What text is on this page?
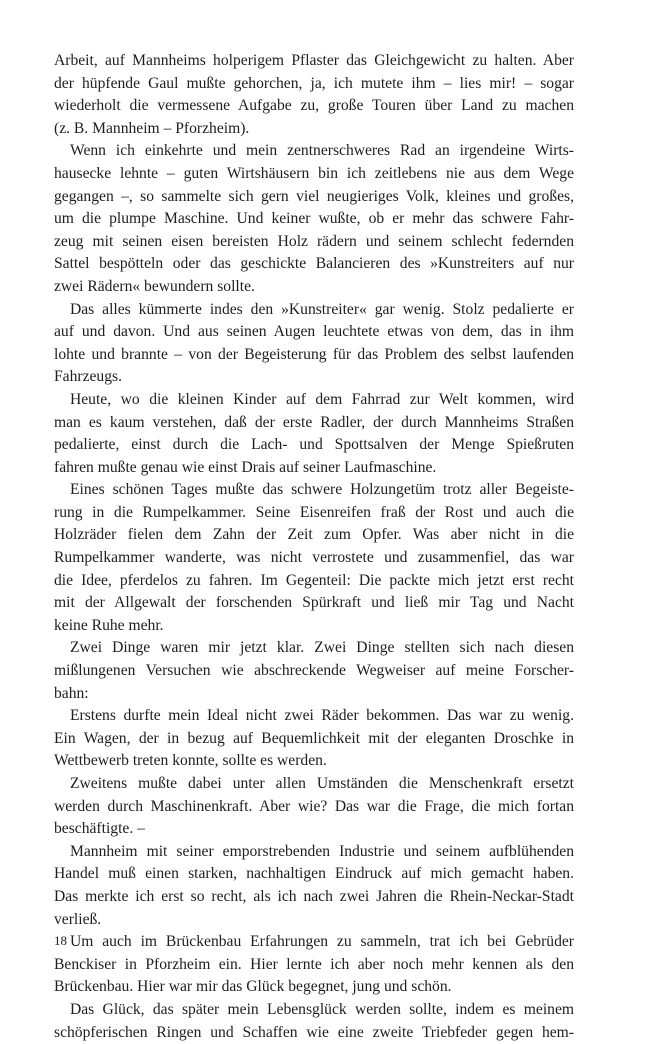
Arbeit, auf Mannheims holperigem Pflaster das Gleichgewicht zu halten. Aber
der hüpfende Gaul mußte gehorchen, ja, ich mutete ihm – lies mir! – sogar
wiederholt die vermessene Aufgabe zu, große Touren über Land zu machen
(z. B. Mannheim – Pforzheim).
Wenn ich einkehrte und mein zentnerschweres Rad an irgendeine Wirts-
hausecke lehnte – guten Wirtshäusern bin ich zeitlebens nie aus dem Wege
gegangen –, so sammelte sich gern viel neugieriges Volk, kleines und großes,
um die plumpe Maschine. Und keiner wußte, ob er mehr das schwere Fahr-
zeug mit seinen eisen bereisten Holz rädern und seinem schlecht federnden
Sattel bespötteln oder das geschickte Balancieren des »Kunstreiters auf nur
zwei Rädern« bewundern sollte.
Das alles kümmerte indes den »Kunstreiter« gar wenig. Stolz pedalierte er
auf und davon. Und aus seinen Augen leuchtete etwas von dem, das in ihm
lohte und brannte – von der Begeisterung für das Problem des selbst laufenden
Fahrzeugs.
Heute, wo die kleinen Kinder auf dem Fahrrad zur Welt kommen, wird
man es kaum verstehen, daß der erste Radler, der durch Mannheims Straßen
pedalierte, einst durch die Lach- und Spottsalven der Menge Spießruten
fahren mußte genau wie einst Drais auf seiner Laufmaschine.
Eines schönen Tages mußte das schwere Holzungetüm trotz aller Begeiste-
rung in die Rumpelkammer. Seine Eisenreifen fraß der Rost und auch die
Holzräder fielen dem Zahn der Zeit zum Opfer. Was aber nicht in die
Rumpelkammer wanderte, was nicht verrostete und zusammenfiel, das war
die Idee, pferdelos zu fahren. Im Gegenteil: Die packte mich jetzt erst recht
mit der Allgewalt der forschenden Spürkraft und ließ mir Tag und Nacht
keine Ruhe mehr.
Zwei Dinge waren mir jetzt klar. Zwei Dinge stellten sich nach diesen
mißlungenen Versuchen wie abschreckende Wegweiser auf meine Forscher-
bahn:
Erstens durfte mein Ideal nicht zwei Räder bekommen. Das war zu wenig.
Ein Wagen, der in bezug auf Bequemlichkeit mit der eleganten Droschke in
Wettbewerb treten konnte, sollte es werden.
Zweitens mußte dabei unter allen Umständen die Menschenkraft ersetzt
werden durch Maschinenkraft. Aber wie? Das war die Frage, die mich fortan
beschäftigte. –
Mannheim mit seiner emporstrebenden Industrie und seinem aufblühenden
Handel muß einen starken, nachhaltigen Eindruck auf mich gemacht haben.
Das merkte ich erst so recht, als ich nach zwei Jahren die Rhein-Neckar-Stadt
verließ.
Um auch im Brückenbau Erfahrungen zu sammeln, trat ich bei Gebrüder
Benckiser in Pforzheim ein. Hier lernte ich aber noch mehr kennen als den
Brückenbau. Hier war mir das Glück begegnet, jung und schön.
Das Glück, das später mein Lebensglück werden sollte, indem es meinem
schöpferischen Ringen und Schaffen wie eine zweite Triebfeder gegen hem-
18
